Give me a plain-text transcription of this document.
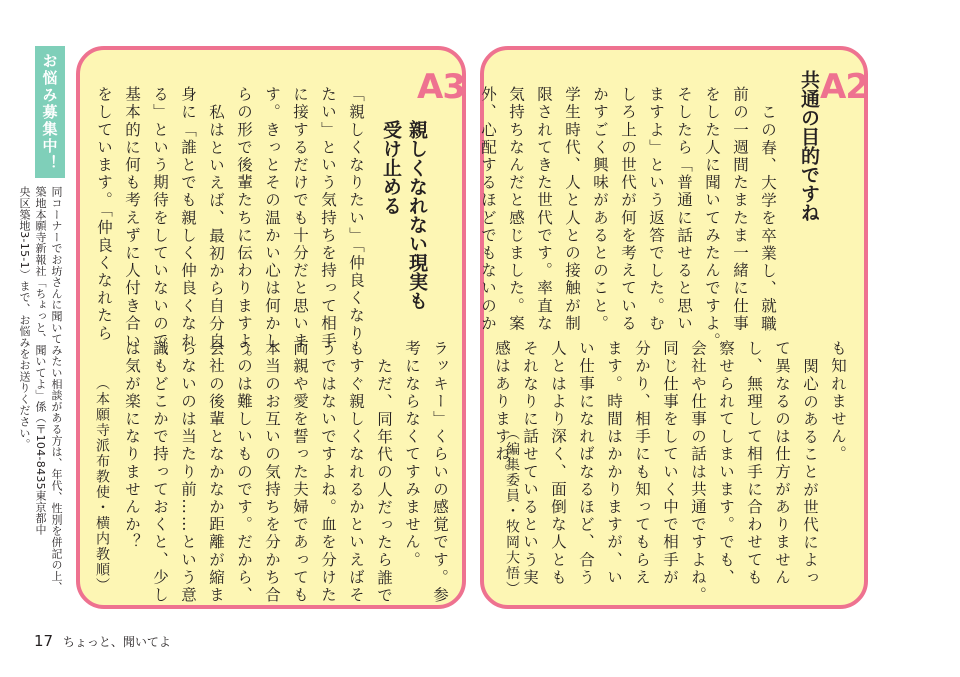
お悩み募集中！
同コーナーでお坊さんに聞いてみたい相談がある方は、年代、性別を併記の上、
築地本願寺新報社「ちょっと、聞いてよ」係（〒104-8435東京都中
央区築地3-15-1）まで、お悩みをお送りください。
A3
親しくなれない現実も
受け止める
「親しくなりたい」「仲良くなり
たい」という気持ちを持って相手
に接するだけでも十分だと思いま
す。きっとその温かい心は何かし
らの形で後輩たちに伝わりますよ。
私はといえば、最初から自分自
身に「誰とでも親しく仲良くなれ
る」という期待をしていないので、
基本的に何も考えずに人付き合い
をしています。「仲良くなれたら
ラッキー」くらいの感覚です。参
考にならなくてすみません。
ただ、同年代の人だったら誰で
もすぐ親しくなれるかといえばそ
うではないですよね。血を分けた
両親や愛を誓った夫婦であっても
本当のお互いの気持ちを分かち合
うのは難しいものです。だから、
会社の後輩となかなか距離が縮ま
らないのは当たり前……という意
識もどこかで持っておくと、少し
は気が楽になりませんか？
（本願寺派布教使・横内教順）
A2
共通の目的ですね
この春、大学を卒業し、就職
前の一週間たまたま一緒に仕事
をした人に聞いてみたんですよ。
そしたら「普通に話せると思い
ますよ」という返答でした。む
しろ上の世代が何を考えている
かすごく興味があるとのこと。
学生時代、人と人との接触が制
限されてきた世代です。率直な
気持ちなんだと感じました。案
外、心配するほどでもないのか
も知れません。
関心のあることが世代によっ
て異なるのは仕方がありません
し、無理して相手に合わせても
察せられてしまいます。でも、
会社や仕事の話は共通ですよね。
同じ仕事をしていく中で相手が
分かり、相手にも知ってもらえ
ます。時間はかかりますが、い
い仕事になればなるほど、合う
人とはより深く、面倒な人とも
それなりに話せているという実
感はありますね。
（編集委員・牧岡大悟）
17 ちょっと、聞いてよ
